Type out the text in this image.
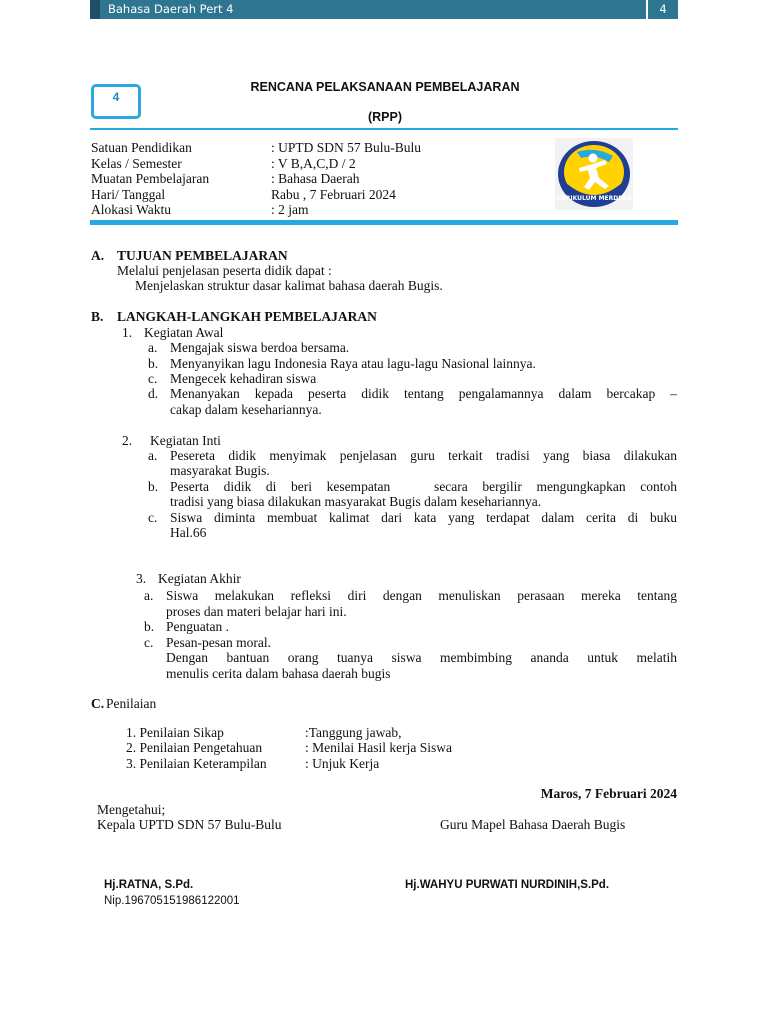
Bahasa Daerah Pert 4	4
4
RENCANA PELAKSANAAN PEMBELAJARAN
(RPP)
Satuan Pendidikan	: UPTD SDN 57 Bulu-Bulu
Kelas / Semester	: V B,A,C,D / 2
Muatan Pembelajaran	: Bahasa Daerah
Hari/ Tanggal	Rabu , 7 Februari 2024
Alokasi Waktu	: 2 jam
KURIKULUM MERDEKA
A. TUJUAN PEMBELAJARAN
Melalui penjelasan peserta didik dapat :
Menjelaskan struktur dasar kalimat bahasa daerah Bugis.
B. LANGKAH-LANGKAH PEMBELAJARAN
1. Kegiatan Awal
a. Mengajak siswa berdoa bersama.
b. Menyanyikan lagu Indonesia Raya atau lagu-lagu Nasional lainnya.
c. Mengecek kehadiran siswa
d. Menanyakan kepada peserta didik tentang pengalamannya dalam bercakap –
cakap dalam kesehariannya.
2. Kegiatan Inti
a. Pesereta didik menyimak penjelasan guru terkait tradisi yang biasa dilakukan
masyarakat Bugis.
b. Peserta didik di beri kesempatan   secara bergilir mengungkapkan contoh
tradisi yang biasa dilakukan masyarakat Bugis dalam kesehariannya.
c. Siswa diminta membuat kalimat dari kata yang terdapat dalam cerita di buku
Hal.66
3. Kegiatan Akhir
a. Siswa melakukan refleksi diri dengan menuliskan perasaan mereka tentang
proses dan materi belajar hari ini.
b. Penguatan .
c. Pesan-pesan moral.
Dengan bantuan orang tuanya siswa membimbing ananda untuk melatih
menulis cerita dalam bahasa daerah bugis
C. Penilaian
1. Penilaian Sikap	:Tanggung jawab,
2. Penilaian Pengetahuan	: Menilai Hasil kerja Siswa
3. Penilaian Keterampilan	: Unjuk Kerja
Maros, 7 Februari 2024
Mengetahui;
Kepala UPTD SDN 57 Bulu-Bulu	Guru Mapel Bahasa Daerah Bugis
Hj.RATNA, S.Pd.
Nip.196705151986122001
Hj.WAHYU PURWATI NURDINIH,S.Pd.
